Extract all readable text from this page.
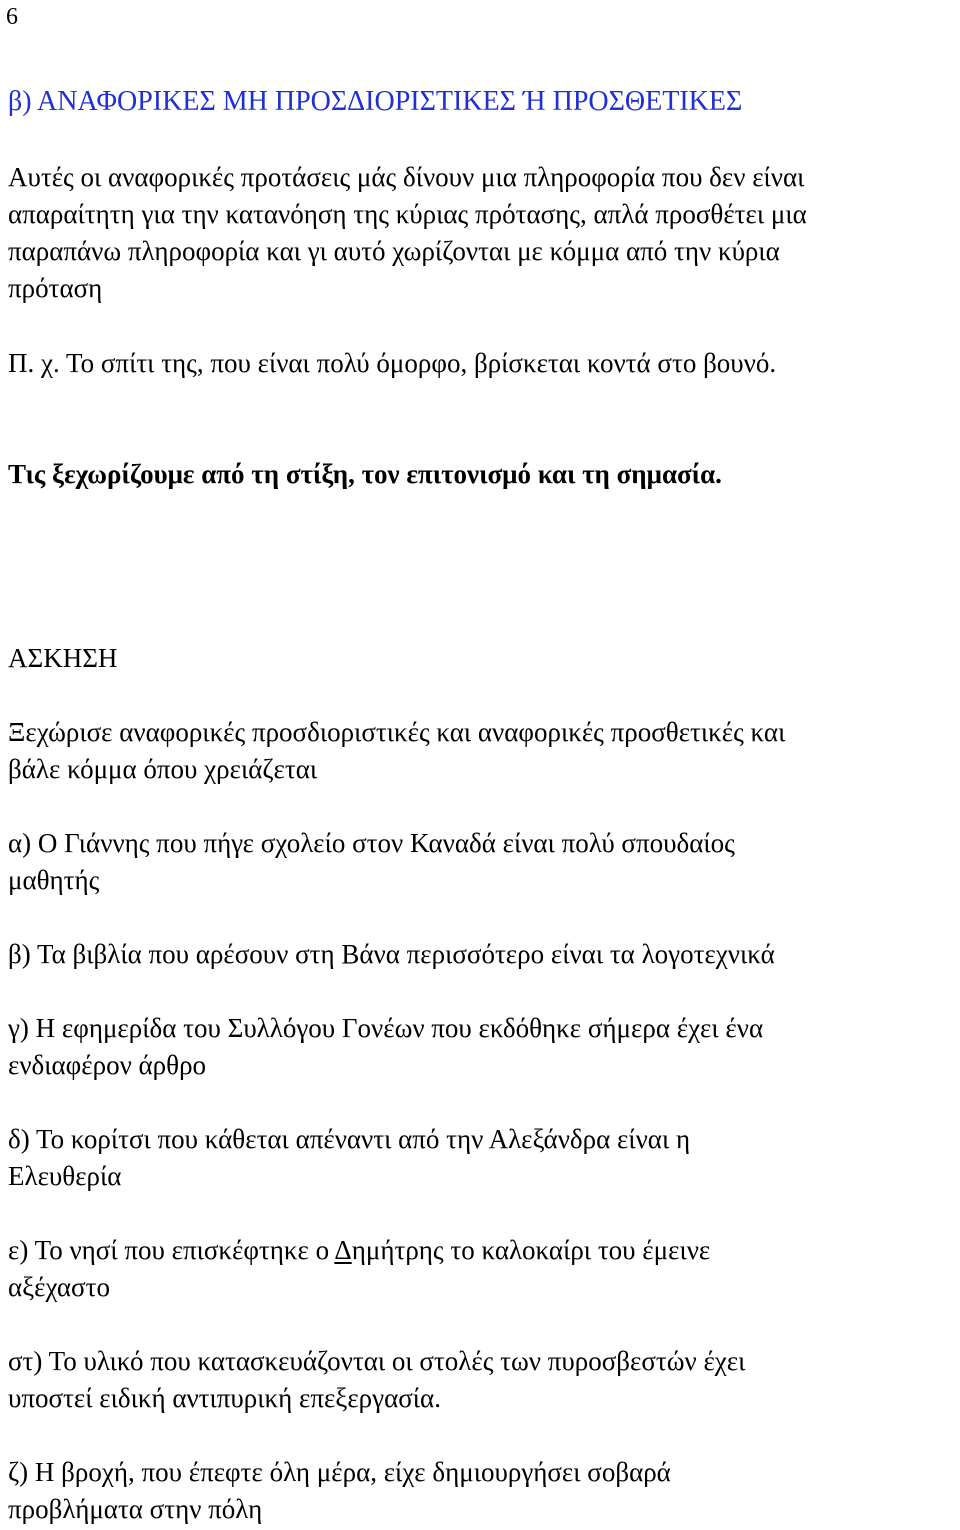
6

β) ΑΝΑΦΟΡΙΚΕΣ ΜΗ ΠΡΟΣΔΙΟΡΙΣΤΙΚΕΣ Ή ΠΡΟΣΘΕΤΙΚΕΣ

Αυτές οι αναφορικές προτάσεις μάς δίνουν μια πληροφορία που δεν είναι

απαραίτητη για την κατανόηση της κύριας πρότασης, απλά προσθέτει μια

παραπάνω πληροφορία και γι αυτό χωρίζονται με κόμμα από την κύρια

πρόταση

Π. χ. Το σπίτι της, που είναι πολύ όμορφο, βρίσκεται κοντά στο βουνό.

Τις ξεχωρίζουμε από τη στίξη, τον επιτονισμό και τη σημασία.

ΑΣΚΗΣΗ

Ξεχώρισε αναφορικές προσδιοριστικές και αναφορικές προσθετικές και

βάλε κόμμα όπου χρειάζεται

α) Ο Γιάννης που πήγε σχολείο στον Καναδά είναι πολύ σπουδαίος

μαθητής

β) Τα βιβλία που αρέσουν στη Βάνα περισσότερο είναι τα λογοτεχνικά

γ) Η εφημερίδα του Συλλόγου Γονέων που εκδόθηκε σήμερα έχει ένα

ενδιαφέρον άρθρο

δ) Το κορίτσι που κάθεται απέναντι από την Αλεξάνδρα είναι η

Ελευθερία

ε) Το νησί που επισκέφτηκε ο Δημήτρης το καλοκαίρι του έμεινε

αξέχαστο

στ) Το υλικό που κατασκευάζονται οι στολές των πυροσβεστών έχει

υποστεί ειδική αντιπυρική επεξεργασία.

ζ) Η βροχή, που έπεφτε όλη μέρα, είχε δημιουργήσει σοβαρά

προβλήματα στην πόλη
